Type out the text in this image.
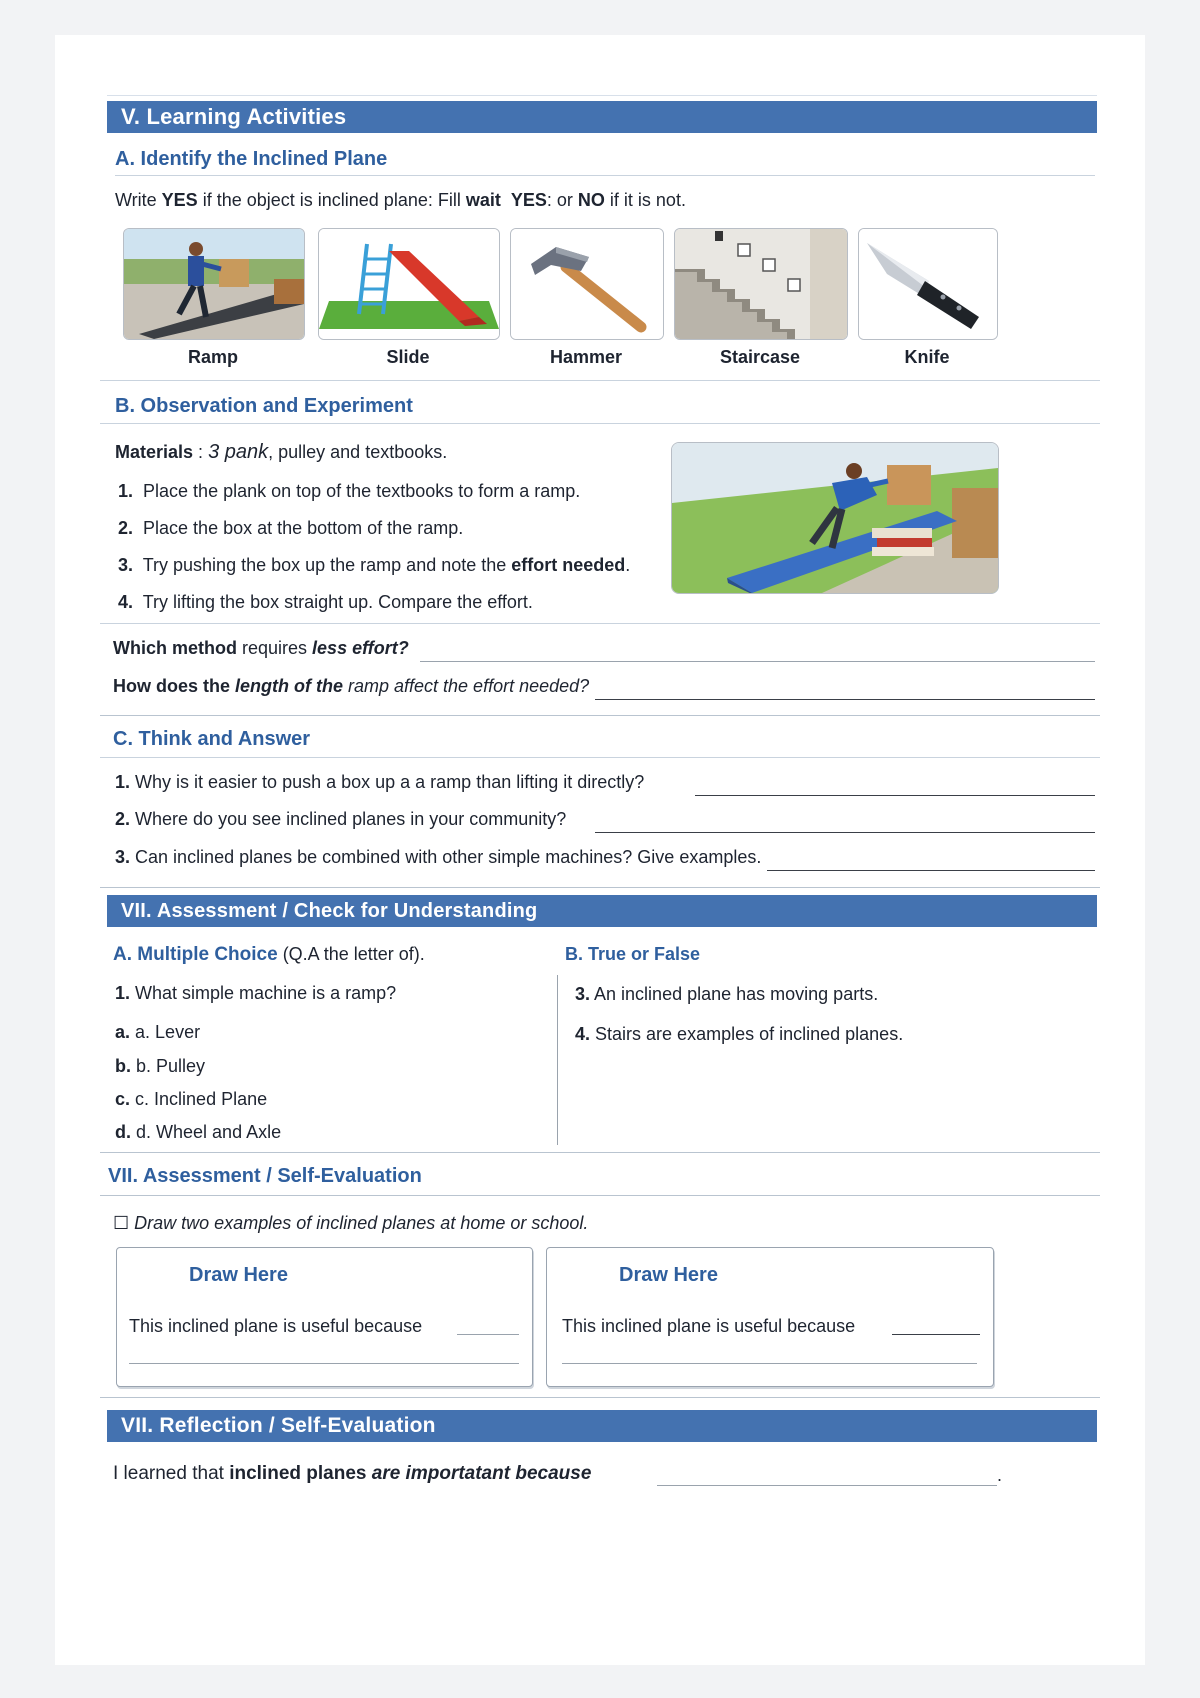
V. Learning Activities
A. Identify the Inclined Plane
Write YES if the object is inclined plane: Fill wait YES: or NO if it is not.
Ramp	Slide	Hammer	Staircase	Knife
B. Observation and Experiment
Materials : 3 pank, pulley and textbooks.
1. Place the plank on top of the textbooks to form a ramp.
2. Place the box at the bottom of the ramp.
3. Try pushing the box up the ramp and note the effort needed.
4. Try lifting the box straight up. Compare the effort.
Which method requires less effort?
How does the length of the ramp affect the effort needed?
C. Think and Answer
1. Why is it easier to push a box up a a ramp than lifting it directly?
2. Where do you see inclined planes in your community?
3. Can inclined planes be combined with other simple machines? Give examples.
VII. Assessment / Check for Understanding
A. Multiple Choice (Q.A the letter of).
1. What simple machine is a ramp?
a. a. Lever
b. b. Pulley
c. c. Inclined Plane
d. d. Wheel and Axle
B. True or False
3. An inclined plane has moving parts.
4. Stairs are examples of inclined planes.
VII. Assessment / Self-Evaluation
☐ Draw two examples of inclined planes at home or school.
Draw Here
This inclined plane is useful because
Draw Here
This inclined plane is useful because
VII. Reflection / Self-Evaluation
I learned that inclined planes are importatant because	.
